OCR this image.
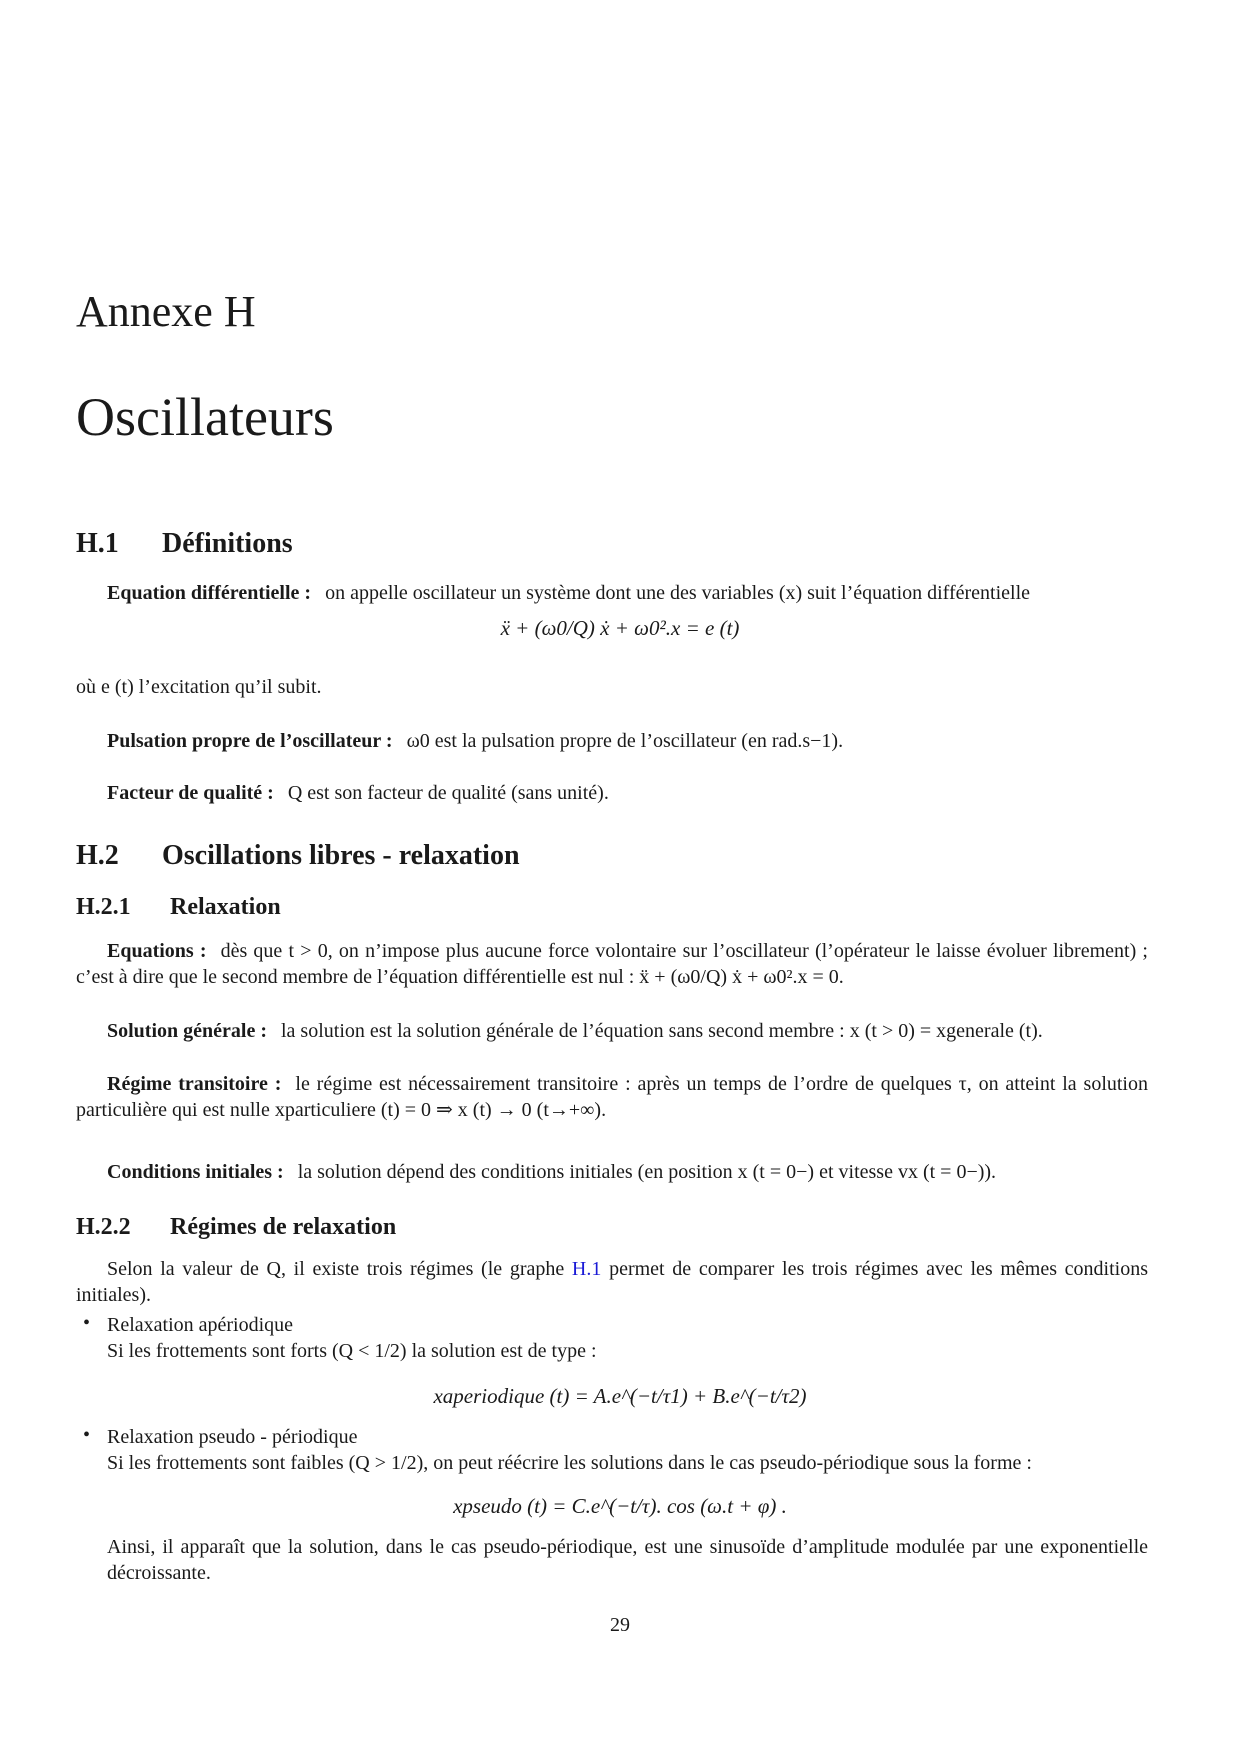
Annexe H
Oscillateurs
H.1 Définitions
Equation différentielle : on appelle oscillateur un système dont une des variables (x) suit l’équation différentielle
ẍ + (ω0/Q) ẋ + ω0².x = e (t)
où e (t) l’excitation qu’il subit.
Pulsation propre de l’oscillateur : ω0 est la pulsation propre de l’oscillateur (en rad.s−1).
Facteur de qualité : Q est son facteur de qualité (sans unité).
H.2 Oscillations libres - relaxation
H.2.1 Relaxation
Equations : dès que t > 0, on n’impose plus aucune force volontaire sur l’oscillateur (l’opérateur le laisse évoluer librement) ; c’est à dire que le second membre de l’équation différentielle est nul : ẍ + (ω0/Q) ẋ + ω0².x = 0.
Solution générale : la solution est la solution générale de l’équation sans second membre : x (t > 0) = xgenerale (t).
Régime transitoire : le régime est nécessairement transitoire : après un temps de l’ordre de quelques τ, on atteint la solution particulière qui est nulle xparticuliere (t) = 0 ⇒ x (t) → 0 (t→+∞).
Conditions initiales : la solution dépend des conditions initiales (en position x (t = 0−) et vitesse vx (t = 0−)).
H.2.2 Régimes de relaxation
Selon la valeur de Q, il existe trois régimes (le graphe H.1 permet de comparer les trois régimes avec les mêmes conditions initiales).
• Relaxation apériodique
Si les frottements sont forts (Q < 1/2) la solution est de type :
xaperiodique (t) = A.e^(−t/τ1) + B.e^(−t/τ2)
• Relaxation pseudo - périodique
Si les frottements sont faibles (Q > 1/2), on peut réécrire les solutions dans le cas pseudo-périodique sous la forme :
xpseudo (t) = C.e^(−t/τ). cos (ω.t + φ) .
Ainsi, il apparaît que la solution, dans le cas pseudo-périodique, est une sinusoïde d’amplitude modulée par une exponentielle décroissante.
29
